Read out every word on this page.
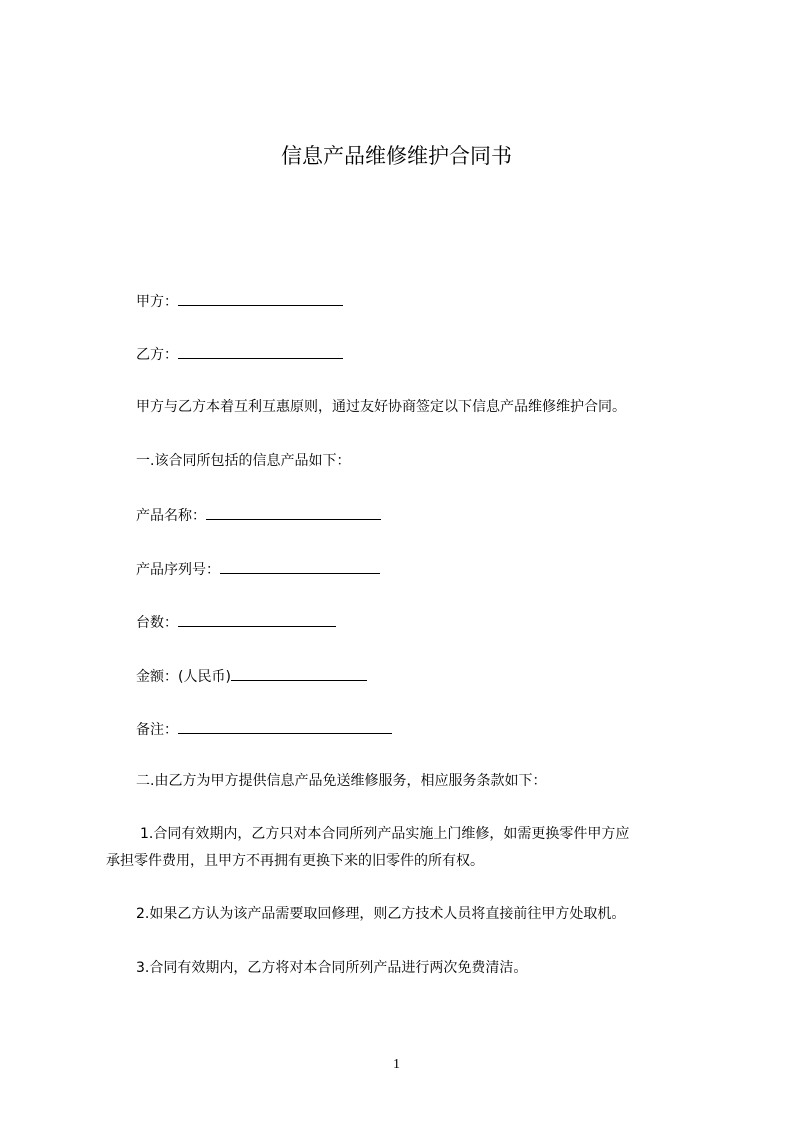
信息产品维修维护合同书
甲方：
乙方：
甲方与乙方本着互利互惠原则，通过友好协商签定以下信息产品维修维护合同。
一.该合同所包括的信息产品如下：
产品名称：
产品序列号：
台数：
金额：(人民币)
备注：
二.由乙方为甲方提供信息产品免送维修服务，相应服务条款如下：
1.合同有效期内，乙方只对本合同所列产品实施上门维修，如需更换零件甲方应
承担零件费用，且甲方不再拥有更换下来的旧零件的所有权。
2.如果乙方认为该产品需要取回修理，则乙方技术人员将直接前往甲方处取机。
3.合同有效期内，乙方将对本合同所列产品进行两次免费清洁。
1
